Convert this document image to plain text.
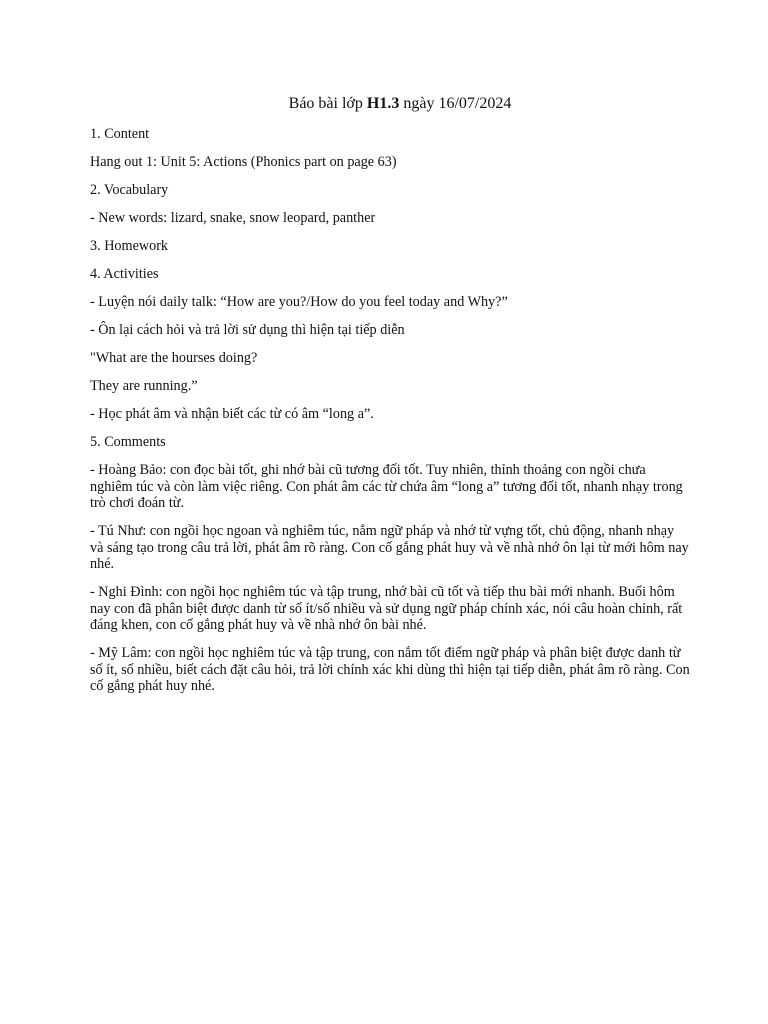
Báo bài lớp H1.3 ngày 16/07/2024

1. Content

Hang out 1: Unit 5: Actions (Phonics part on page 63)

2. Vocabulary

- New words: lizard, snake, snow leopard, panther

3. Homework

4. Activities

- Luyện nói daily talk: “How are you?/How do you feel today and Why?”

- Ôn lại cách hỏi và trả lời sử dụng thì hiện tại tiếp diễn

"What are the hourses doing?

They are running.”

- Học phát âm và nhận biết các từ có âm “long a”.

5. Comments

- Hoàng Bảo: con đọc bài tốt, ghi nhớ bài cũ tương đối tốt. Tuy nhiên, thỉnh thoảng con ngồi chưa nghiêm túc và còn làm việc riêng. Con phát âm các từ chứa âm “long a” tương đối tốt, nhanh nhạy trong trò chơi đoán từ.

- Tú Như: con ngồi học ngoan và nghiêm túc, nắm ngữ pháp và nhớ từ vựng tốt, chủ động, nhanh nhạy và sáng tạo trong câu trả lời, phát âm rõ ràng. Con cố gắng phát huy và về nhà nhớ ôn lại từ mới hôm nay nhé.

- Nghi Đình: con ngồi học nghiêm túc và tập trung, nhớ bài cũ tốt và tiếp thu bài mới nhanh. Buổi hôm nay con đã phân biệt được danh từ số ít/số nhiều và sử dụng ngữ pháp chính xác, nói câu hoàn chỉnh, rất đáng khen, con cố gắng phát huy và về nhà nhớ ôn bài nhé.

- Mỹ Lâm: con ngồi học nghiêm túc và tập trung, con nắm tốt điểm ngữ pháp và phân biệt được danh từ số ít, số nhiều, biết cách đặt câu hỏi, trả lời chính xác khi dùng thì hiện tại tiếp diễn, phát âm rõ ràng. Con cố gắng phát huy nhé.
